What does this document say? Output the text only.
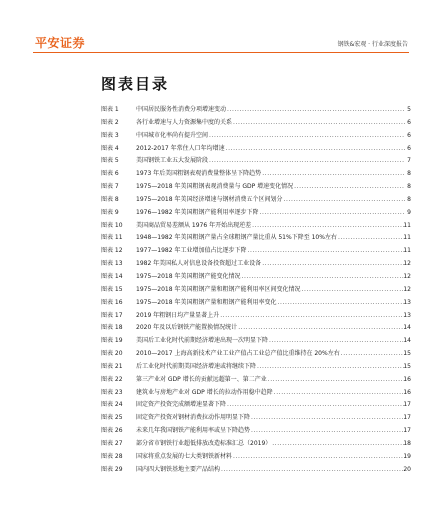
平安证券	钢铁&宏观 · 行业深度报告
图表目录
图表 1	中国居民服务性消费分项增速变动 .....	5
图表 2	各行业增速与人力资源集中度的关系 .....	6
图表 3	中国城市化率尚有提升空间 .....	6
图表 4	2012-2017 年常住人口年均增速 .....	6
图表 5	美国钢铁工业五大发展阶段 .....	7
图表 6	1973 年后美国粗钢表观消费量整体呈下降趋势 .....	8
图表 7	1975—2018 年美国粗钢表观消费量与 GDP 增速变化情况 .....	8
图表 8	1975—2018 年美国经济增速与钢材消费五个区间划分 .....	8
图表 9	1976—1982 年美国粗钢产能利用率逐步下降 .....	9
图表 10	美国商品贸易差额从 1976 年开始出现逆差 .....	11
图表 11	1948—1982 年美国粗钢产量占全球粗钢产量比重从 51%下降至 10%左右 .....	11
图表 12	1977—1982 年工业增加值占比逐步下降 .....	11
图表 13	1982 年美国私人对信息设备投资超过工业设备 .....	12
图表 14	1975—2018 年美国粗钢产能变化情况 .....	12
图表 15	1975—2018 年美国粗钢产量和粗钢产能利用率区间变化情况 .....	12
图表 16	1975—2018 年美国粗钢产量和粗钢产能利用率变化 .....	13
图表 17	2019 年粗钢日均产量显著上升 .....	13
图表 18	2020 年及以后钢铁产能置换情况统计 .....	14
图表 19	美国后工业化时代前期经济增速出现一次明显下降 .....	14
图表 20	2010—2017 上海高新技术产业工业产值占工业总产值比重维持在 20%左右 .....	15
图表 21	后工业化时代前期美国经济增速或将继续下降 .....	15
图表 22	第三产业对 GDP 增长的贡献远超第一、第二产业 .....	16
图表 23	建筑业与房地产业对 GDP 增长的拉动作用稳中趋降 .....	16
图表 24	固定资产投资完成额增速显著下降 .....	17
图表 25	固定资产投资对钢材消费拉动作用明显下降 .....	17
图表 26	未来几年我国钢铁产能利用率或呈下降趋势 .....	17
图表 27	部分省市钢铁行业超低排放改造标准汇总（2019） .....	18
图表 28	国家将重点发展的七大类钢铁新材料 .....	19
图表 29	国内四大钢铁基地主要产品结构 .....	20
